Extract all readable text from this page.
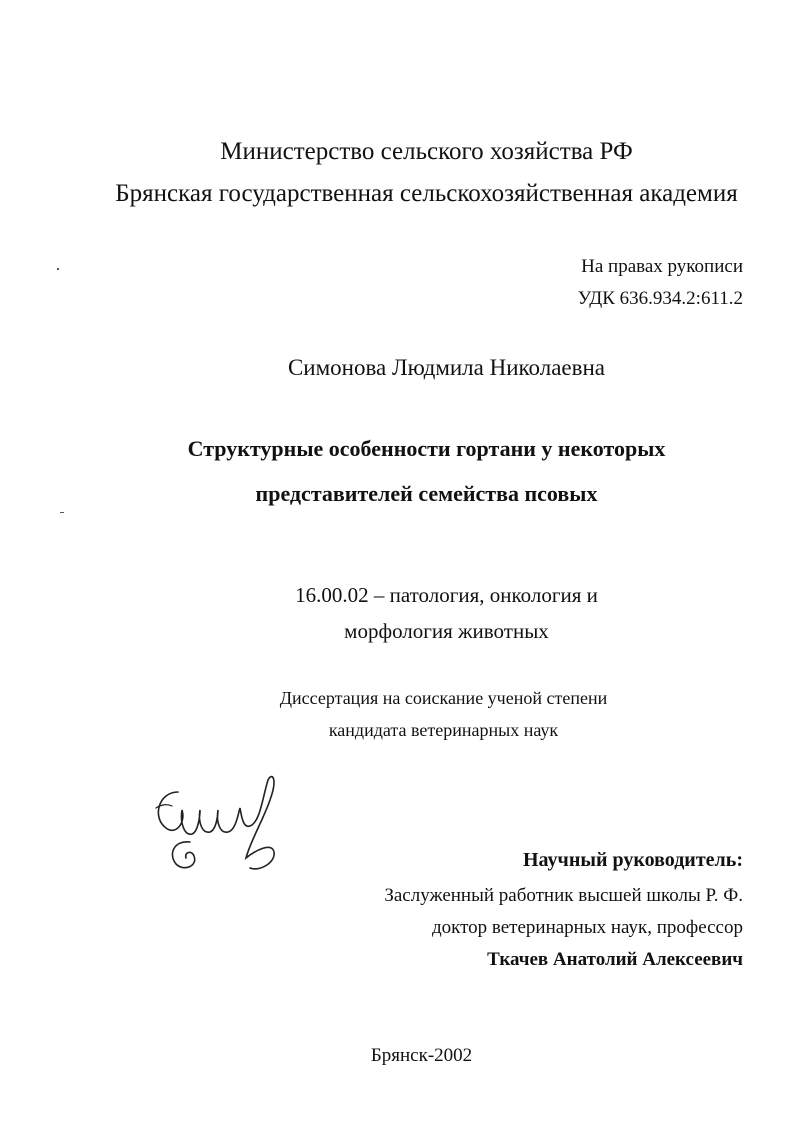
Министерство сельского хозяйства РФ
Брянская государственная сельскохозяйственная академия
На правах рукописи
УДК 636.934.2:611.2
Симонова Людмила Николаевна
Структурные особенности гортани у некоторых
представителей семейства псовых
16.00.02 – патология, онкология и
морфология животных
Диссертация на соискание ученой степени
кандидата ветеринарных наук
Научный руководитель:
Заслуженный работник высшей школы Р. Ф.
доктор ветеринарных наук, профессор
Ткачев Анатолий Алексеевич
Брянск-2002
